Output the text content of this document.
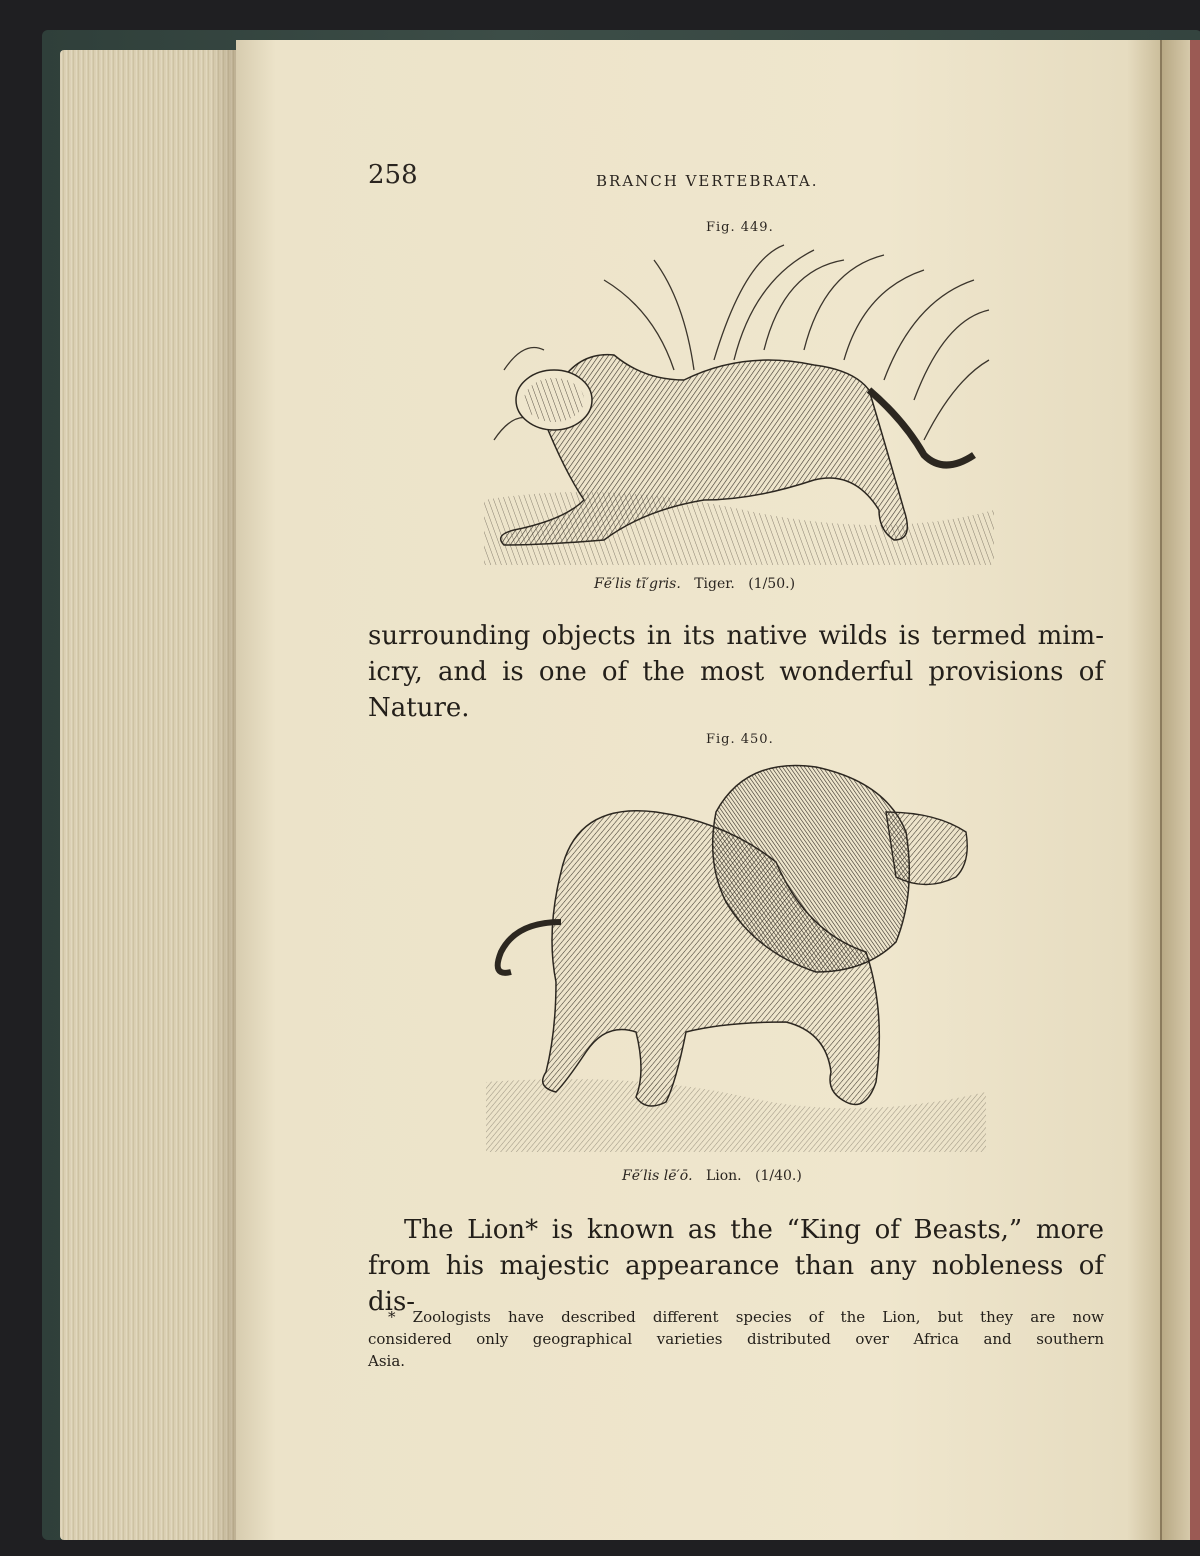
258	BRANCH VERTEBRATA.
Fig. 449.
Fē′lis tī′gris. Tiger. (1/50.)
surrounding objects in its native wilds is termed mim-
icry, and is one of the most wonderful provisions of
Nature.
Fig. 450.
Fē′lis lē′ō. Lion. (1/40.)
The Lion* is known as the “King of Beasts,” more
from his majestic appearance than any nobleness of dis-
* Zoologists have described different species of the Lion, but they are now
considered only geographical varieties distributed over Africa and southern
Asia.
